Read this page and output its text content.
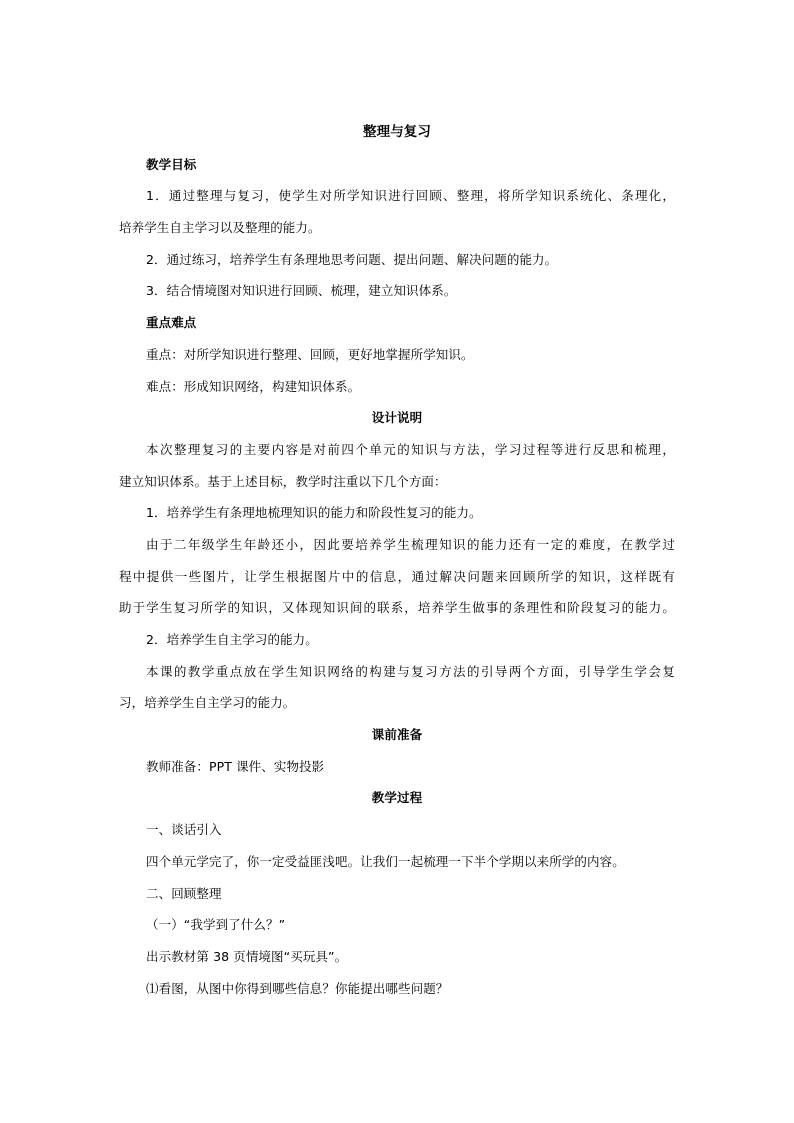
整理与复习
教学目标
1．通过整理与复习，使学生对所学知识进行回顾、整理，将所学知识系统化、条理化，
培养学生自主学习以及整理的能力。
2．通过练习，培养学生有条理地思考问题、提出问题、解决问题的能力。
3．结合情境图对知识进行回顾、梳理，建立知识体系。
重点难点
重点：对所学知识进行整理、回顾，更好地掌握所学知识。
难点：形成知识网络，构建知识体系。
设计说明
本次整理复习的主要内容是对前四个单元的知识与方法，学习过程等进行反思和梳理，
建立知识体系。基于上述目标，教学时注重以下几个方面：
1．培养学生有条理地梳理知识的能力和阶段性复习的能力。
由于二年级学生年龄还小，因此要培养学生梳理知识的能力还有一定的难度，在教学过
程中提供一些图片，让学生根据图片中的信息，通过解决问题来回顾所学的知识，这样既有
助于学生复习所学的知识，又体现知识间的联系，培养学生做事的条理性和阶段复习的能力。
2．培养学生自主学习的能力。
本课的教学重点放在学生知识网络的构建与复习方法的引导两个方面，引导学生学会复
习，培养学生自主学习的能力。
课前准备
教师准备：PPT 课件、实物投影
教学过程
一、谈话引入
四个单元学完了，你一定受益匪浅吧。让我们一起梳理一下半个学期以来所学的内容。
二、回顾整理
（一）“我学到了什么？”
出示教材第 38 页情境图“买玩具”。
⑴看图，从图中你得到哪些信息？你能提出哪些问题？
